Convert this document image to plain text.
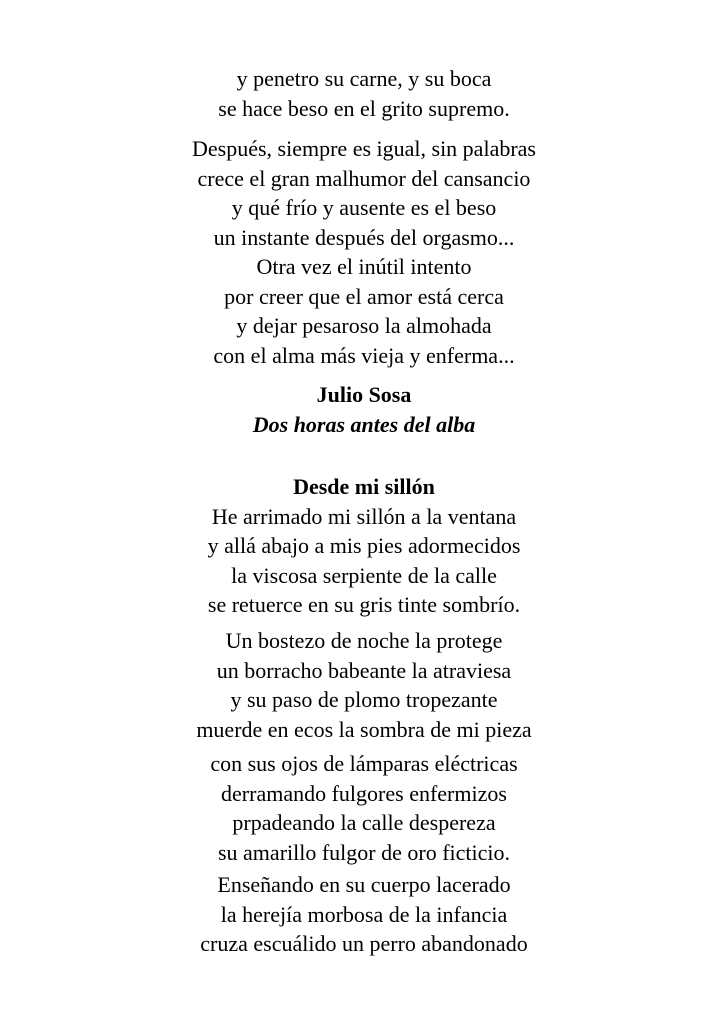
y penetro su carne, y su boca
se hace beso en el grito supremo.
Después, siempre es igual, sin palabras
crece el gran malhumor del cansancio
y qué frío y ausente es el beso
un instante después del orgasmo...
Otra vez el inútil intento
por creer que el amor está cerca
y dejar pesaroso la almohada
con el alma más vieja y enferma...
Julio Sosa
Dos horas antes del alba
Desde mi sillón
He arrimado mi sillón a la ventana
y allá abajo a mis pies adormecidos
la viscosa serpiente de la calle
se retuerce en su gris tinte sombrío.
Un bostezo de noche la protege
un borracho babeante la atraviesa
y su paso de plomo tropezante
muerde en ecos la sombra de mi pieza
con sus ojos de lámparas eléctricas
derramando fulgores enfermizos
prpadeando la calle despereza
su amarillo fulgor de oro ficticio.
Enseñando en su cuerpo lacerado
la herejía morbosa de la infancia
cruza escuálido un perro abandonado
